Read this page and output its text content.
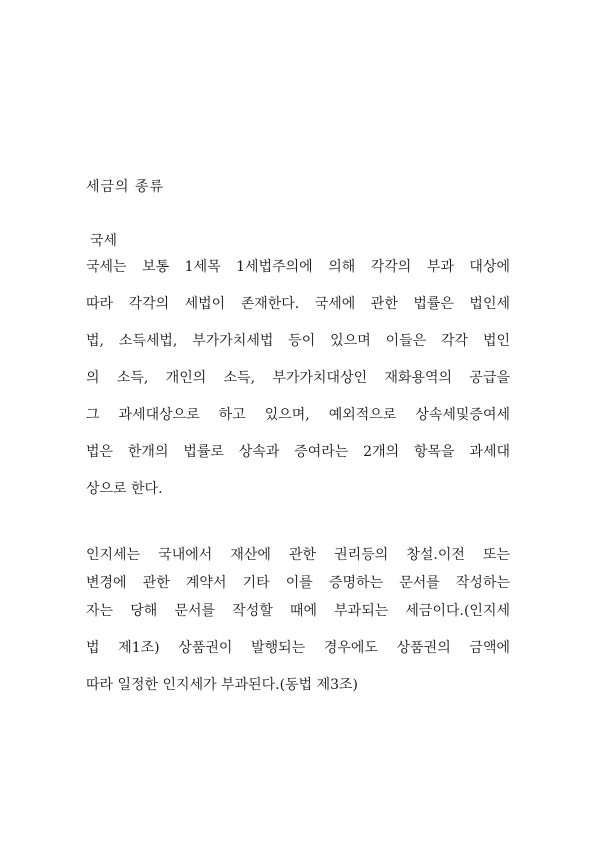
세금의 종류
국세
국세는 보통 1세목 1세법주의에 의해 각각의 부과 대상에
따라 각각의 세법이 존재한다. 국세에 관한 법률은 법인세
법, 소득세법, 부가가치세법 등이 있으며 이들은 각각 법인
의 소득, 개인의 소득, 부가가치대상인 재화용역의 공급을
그 과세대상으로 하고 있으며, 예외적으로 상속세및증여세
법은 한개의 법률로 상속과 증여라는 2개의 항목을 과세대
상으로 한다.
인지세는 국내에서 재산에 관한 권리등의 창설.이전 또는
변경에 관한 계약서 기타 이를 증명하는 문서를 작성하는
자는 당해 문서를 작성할 때에 부과되는 세금이다.(인지세
법 제1조) 상품권이 발행되는 경우에도 상품권의 금액에
따라 일정한 인지세가 부과된다.(동법 제3조)
